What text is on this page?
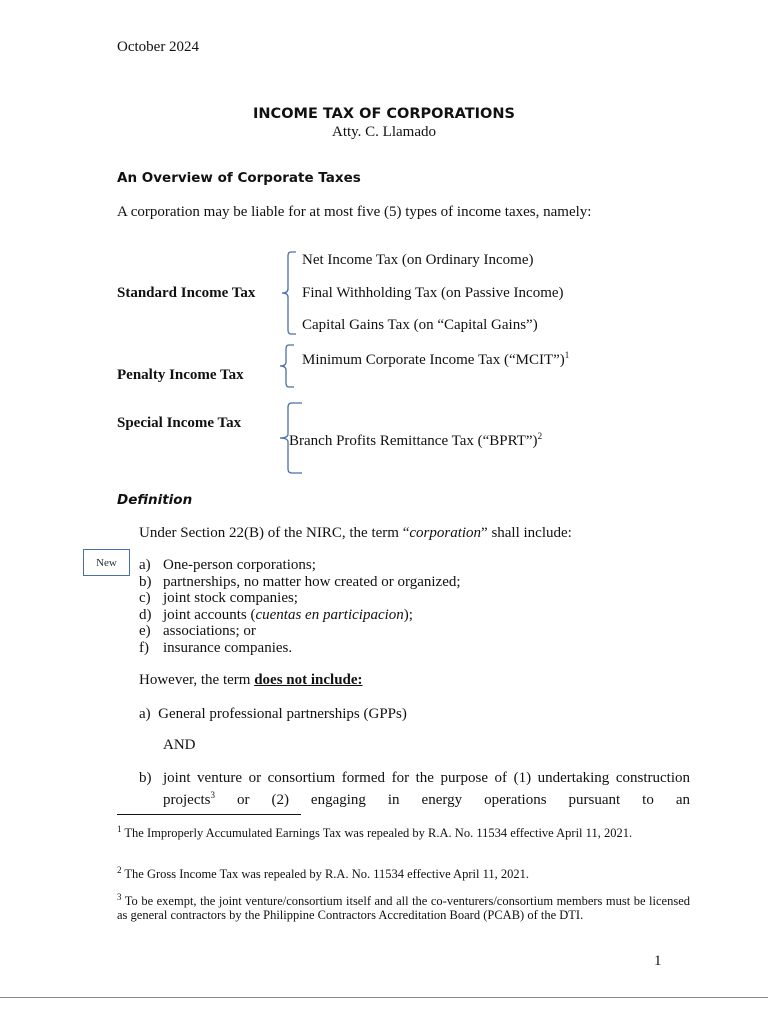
October 2024
INCOME TAX OF CORPORATIONS
Atty. C. Llamado
An Overview of Corporate Taxes
A corporation may be liable for at most five (5) types of income taxes, namely:
Standard Income Tax
Net Income Tax (on Ordinary Income)
Final Withholding Tax (on Passive Income)
Capital Gains Tax (on “Capital Gains”)
Penalty Income Tax
Minimum Corporate Income Tax (“MCIT”)$^1$
Special Income Tax
Branch Profits Remittance Tax (“BPRT”)$^2$
Definition
Under Section 22(B) of the NIRC, the term “corporation” shall include:
New	a) One-person corporations;
b) partnerships, no matter how created or organized;
c) joint stock companies;
d) joint accounts (cuentas en participacion);
e) associations; or
f) insurance companies.
However, the term does not include:
a) General professional partnerships (GPPs)
AND
b) joint venture or consortium formed for the purpose of (1) undertaking construction projects$^3$ or (2) engaging in energy operations pursuant to an
$^1$ The Improperly Accumulated Earnings Tax was repealed by R.A. No. 11534 effective April 11, 2021.
$^2$ The Gross Income Tax was repealed by R.A. No. 11534 effective April 11, 2021.
$^3$ To be exempt, the joint venture/consortium itself and all the co-venturers/consortium members must be licensed as general contractors by the Philippine Contractors Accreditation Board (PCAB) of the DTI.
1
